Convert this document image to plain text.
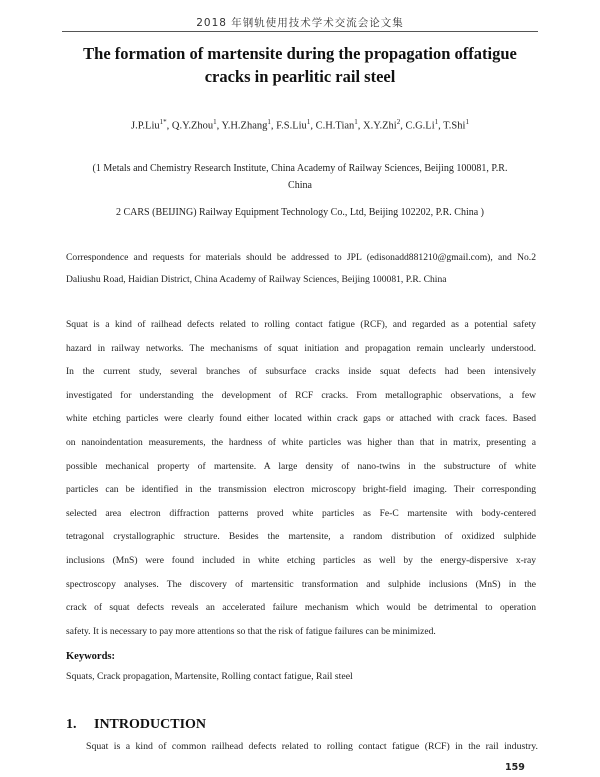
2018 年钢轨使用技术学术交流会论文集
The formation of martensite during the propagation offatigue
cracks in pearlitic rail steel
J.P.Liu$^{1*}$, Q.Y.Zhou$^1$, Y.H.Zhang$^1$, F.S.Liu$^1$, C.H.Tian$^1$, X.Y.Zhi$^2$, C.G.Li$^1$, T.Shi$^1$
(1 Metals and Chemistry Research Institute, China Academy of Railway Sciences, Beijing 100081, P.R.
China
2 CARS (BEIJING) Railway Equipment Technology Co., Ltd, Beijing 102202, P.R. China )
Correspondence and requests for materials should be addressed to JPL (edisonadd881210@gmail.com), and No.2 Daliushu Road, Haidian District, China Academy of Railway Sciences, Beijing 100081, P.R. China
Squat is a kind of railhead defects related to rolling contact fatigue (RCF), and regarded as a potential safety
hazard in railway networks. The mechanisms of squat initiation and propagation remain unclearly understood.
In the current study, several branches of subsurface cracks inside squat defects had been intensively
investigated for understanding the development of RCF cracks. From metallographic observations, a few
white etching particles were clearly found either located within crack gaps or attached with crack faces. Based
on nanoindentation measurements, the hardness of white particles was higher than that in matrix, presenting a
possible mechanical property of martensite. A large density of nano-twins in the substructure of white
particles can be identified in the transmission electron microscopy bright-field imaging. Their corresponding
selected area electron diffraction patterns proved white particles as Fe-C martensite with body-centered
tetragonal crystallographic structure. Besides the martensite, a random distribution of oxidized sulphide
inclusions (MnS) were found included in white etching particles as well by the energy-dispersive x-ray
spectroscopy analyses. The discovery of martensitic transformation and sulphide inclusions (MnS) in the
crack of squat defects reveals an accelerated failure mechanism which would be detrimental to operation
safety. It is necessary to pay more attentions so that the risk of fatigue failures can be minimized.
Keywords:
Squats, Crack propagation, Martensite, Rolling contact fatigue, Rail steel
1. INTRODUCTION
Squat is a kind of common railhead defects related to rolling contact fatigue (RCF) in the rail industry.
159
